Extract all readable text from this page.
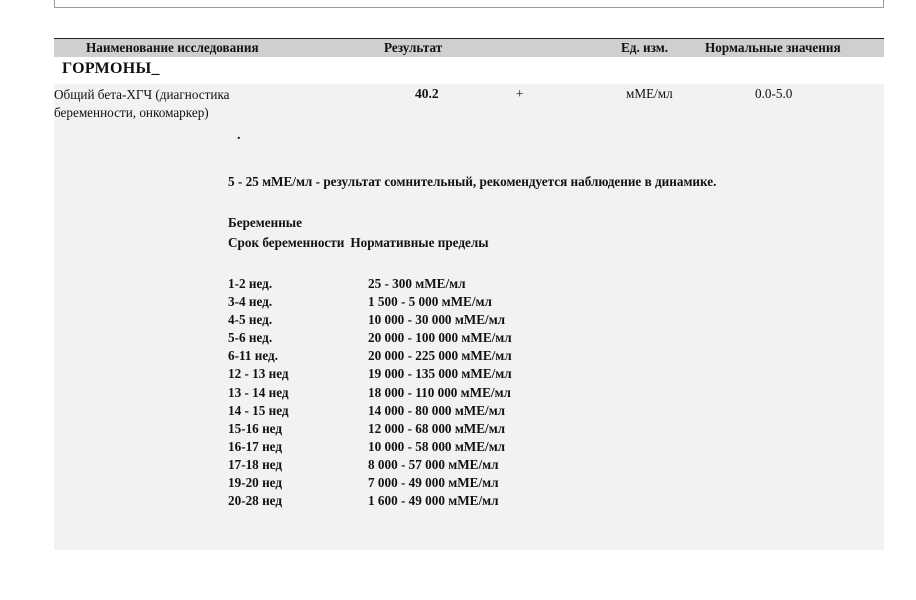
Наименование исследования	Результат	Ед. изм.	Нормальные значения
ГОРМОНЫ_
Общий бета-ХГЧ (диагностика беременности, онкомаркер)
40.2	+	мМЕ/мл	0.0-5.0
.
5 - 25 мМЕ/мл - результат сомнительный, рекомендуется наблюдение в динамике.
Беременные
Срок беременности Нормативные пределы
1-2 нед.	25 - 300 мМЕ/мл
3-4 нед.	1 500 - 5 000 мМЕ/мл
4-5 нед.	10 000 - 30 000 мМЕ/мл
5-6 нед.	20 000 - 100 000 мМЕ/мл
6-11 нед.	20 000 - 225 000 мМЕ/мл
12 - 13 нед	19 000 - 135 000 мМЕ/мл
13 - 14 нед	18 000 - 110 000 мМЕ/мл
14 - 15 нед	14 000 - 80 000 мМЕ/мл
15-16 нед	12 000 - 68 000 мМЕ/мл
16-17 нед	10 000 - 58 000 мМЕ/мл
17-18 нед	8 000 - 57 000 мМЕ/мл
19-20 нед	7 000 - 49 000 мМЕ/мл
20-28 нед	1 600 - 49 000 мМЕ/мл
